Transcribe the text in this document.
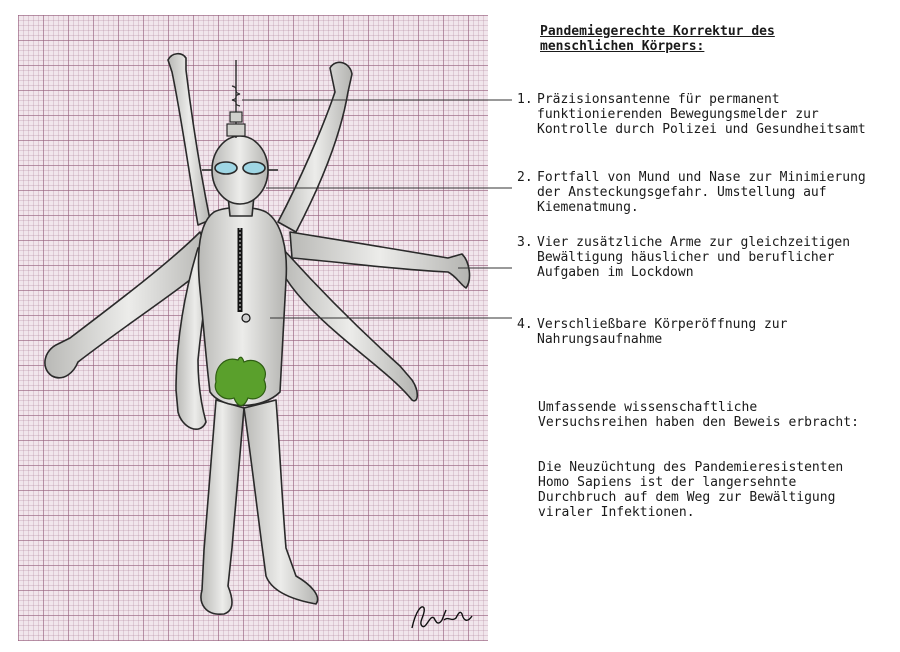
Pandemiegerechte Korrektur des menschlichen Körpers:
1. Präzisionsantenne für permanent funktionierenden Bewegungsmelder zur Kontrolle durch Polizei und Gesundheitsamt
2. Fortfall von Mund und Nase zur Minimierung der Ansteckungsgefahr. Umstellung auf Kiemenatmung.
3. Vier zusätzliche Arme zur gleichzeitigen Bewältigung häuslicher und beruflicher Aufgaben im Lockdown
4. Verschließbare Körperöffnung zur Nahrungsaufnahme
Umfassende wissenschaftliche Versuchsreihen haben den Beweis erbracht:
Die Neuzüchtung des Pandemieresistenten Homo Sapiens ist der langersehnte Durchbruch auf dem Weg zur Bewältigung viraler Infektionen.
